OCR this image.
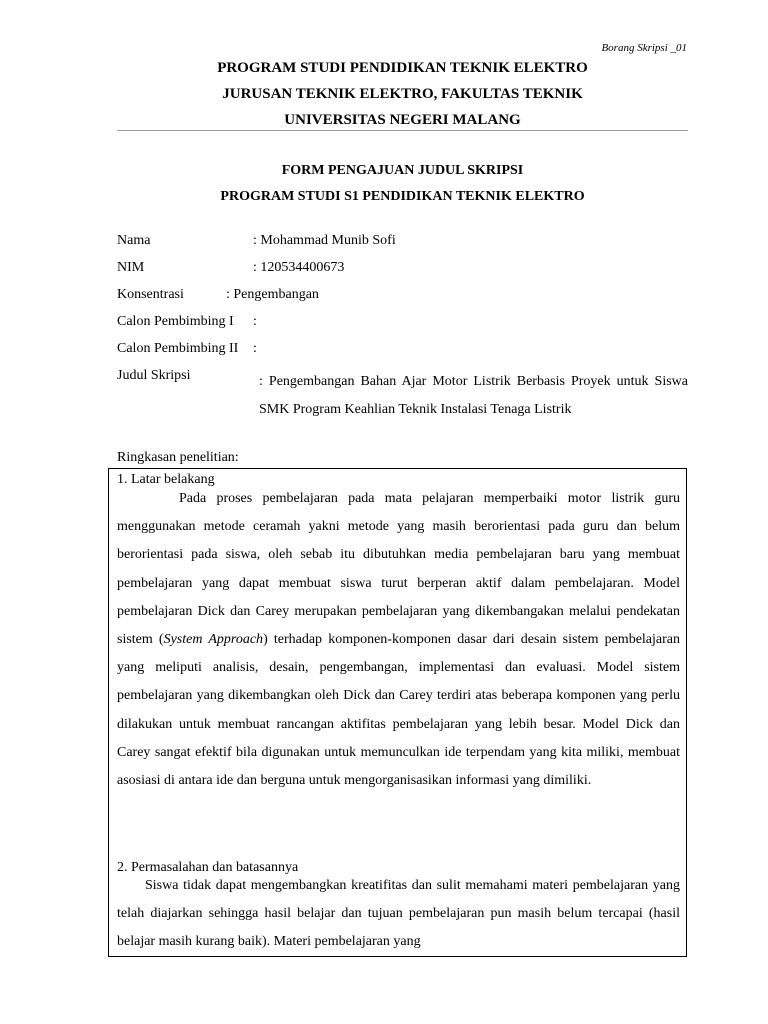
Borang Skripsi _01
PROGRAM STUDI PENDIDIKAN TEKNIK ELEKTRO
JURUSAN TEKNIK ELEKTRO, FAKULTAS TEKNIK
UNIVERSITAS NEGERI MALANG
FORM PENGAJUAN JUDUL SKRIPSI
PROGRAM STUDI S1 PENDIDIKAN TEKNIK ELEKTRO
Nama	: Mohammad Munib Sofi
NIM	: 120534400673
Konsentrasi	: Pengembangan
Calon Pembimbing I :
Calon Pembimbing II :
Judul Skripsi	: Pengembangan Bahan Ajar Motor Listrik Berbasis Proyek untuk Siswa SMK Program Keahlian Teknik Instalasi Tenaga Listrik
Ringkasan penelitian:
1. Latar belakang
Pada proses pembelajaran pada mata pelajaran memperbaiki motor listrik guru menggunakan metode ceramah yakni metode yang masih berorientasi pada guru dan belum berorientasi pada siswa, oleh sebab itu dibutuhkan media pembelajaran baru yang membuat pembelajaran yang dapat membuat siswa turut berperan aktif dalam pembelajaran. Model pembelajaran Dick dan Carey merupakan pembelajaran yang dikembangakan melalui pendekatan sistem (System Approach) terhadap komponen-komponen dasar dari desain sistem pembelajaran yang meliputi analisis, desain, pengembangan, implementasi dan evaluasi. Model sistem pembelajaran yang dikembangkan oleh Dick dan Carey terdiri atas beberapa komponen yang perlu dilakukan untuk membuat rancangan aktifitas pembelajaran yang lebih besar. Model Dick dan Carey sangat efektif bila digunakan untuk memunculkan ide terpendam yang kita miliki, membuat asosiasi di antara ide dan berguna untuk mengorganisasikan informasi yang dimiliki.
2. Permasalahan dan batasannya
Siswa tidak dapat mengembangkan kreatifitas dan sulit memahami materi pembelajaran yang telah diajarkan sehingga hasil belajar dan tujuan pembelajaran pun masih belum tercapai (hasil belajar masih kurang baik). Materi pembelajaran yang
